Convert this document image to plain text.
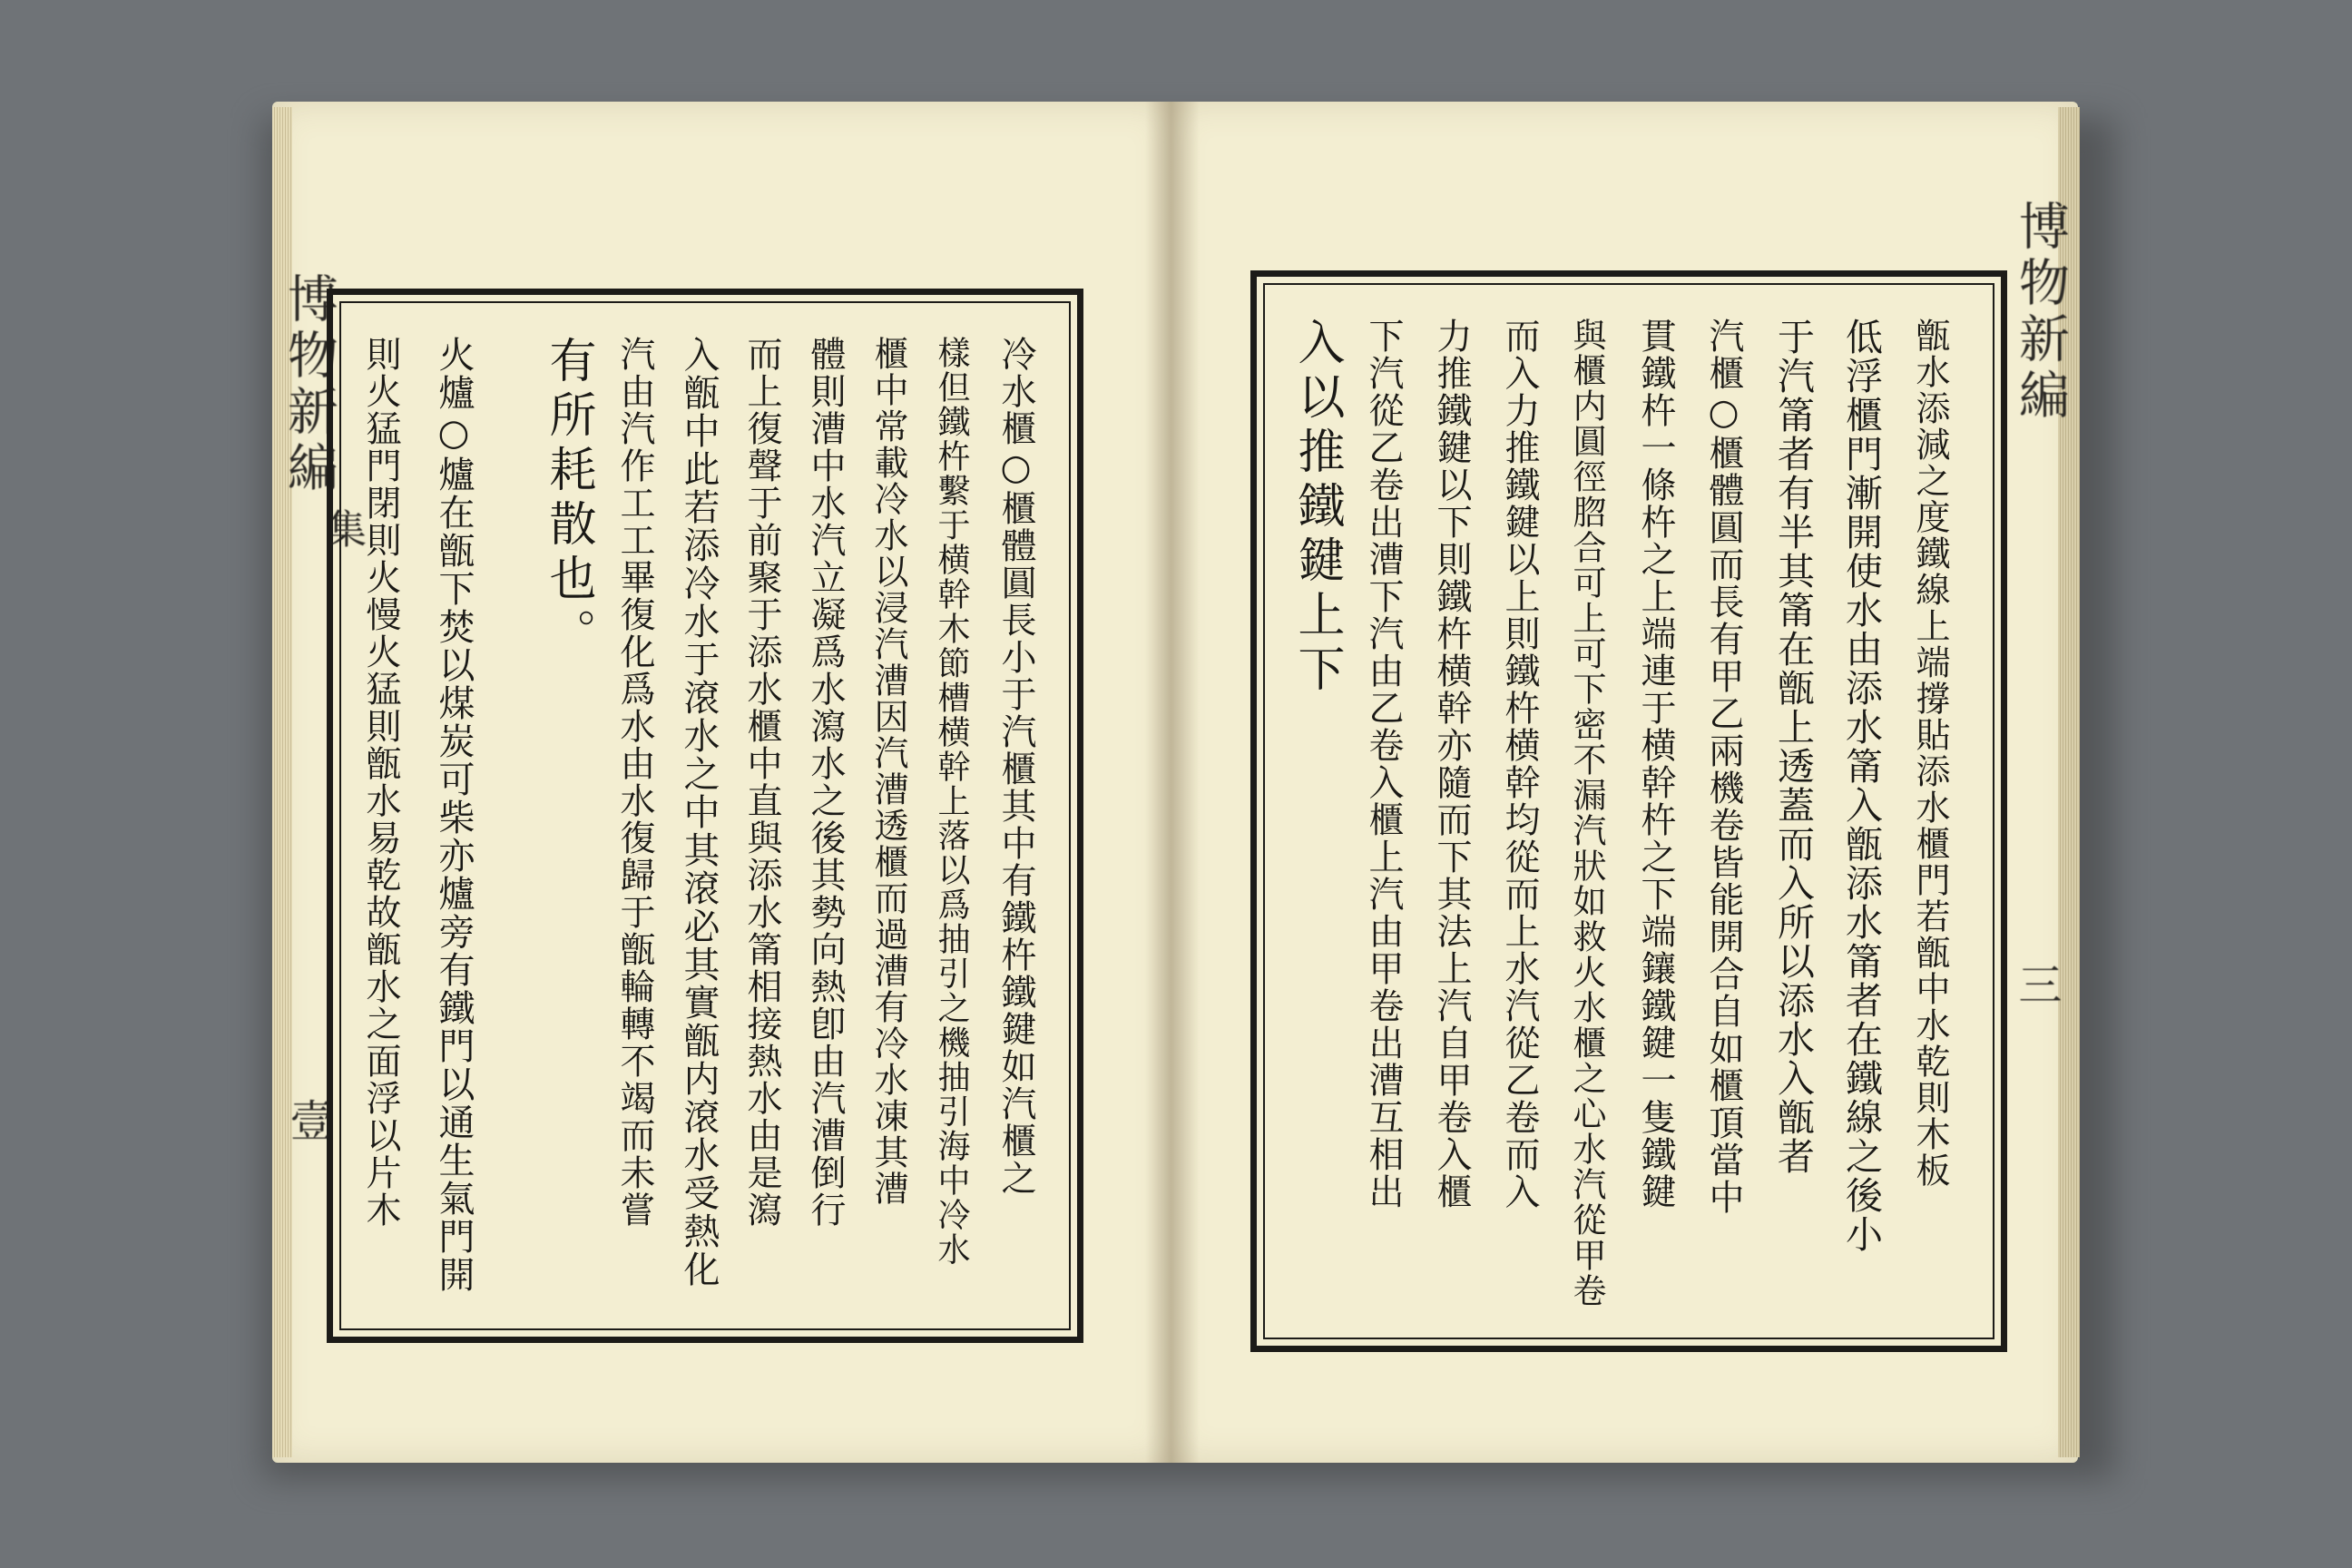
博物新編
集
壹
博物新編
三
冷水櫃○櫃體圓長小于汽櫃其中有鐵杵鐵鍵如汽櫃之
樣但鐵杵繫于横幹木節槽横幹上落以爲抽引之機抽引海中冷水
櫃中常載冷水以浸汽漕因汽漕透櫃而過漕有冷水凍其漕
體則漕中水汽立凝爲水瀉水之後其勢向熱卽由汽漕倒行
而上復聲于前聚于添水櫃中直與添水筩相接熱水由是瀉
入甑中此若添冷水于滾水之中其滾必其實甑内滾水受熱化
汽由汽作工工畢復化爲水由水復歸于甑輪轉不竭而未嘗
有所耗散也。
火爐○爐在甑下焚以煤炭可柴亦爐旁有鐵門以通生氣門開
則火猛門閉則火慢火猛則甑水易乾故甑水之面浮以片木	甑水添減之度鐵線上端撐貼添水櫃門若甑中水乾則木板
低浮櫃門漸開使水由添水筩入甑添水筩者在鐵線之後小
于汽筩者有半其筩在甑上透蓋而入所以添水入甑者
汽櫃○櫃體圓而長有甲乙兩機卷皆能開合自如櫃頂當中
貫鐵杵一條杵之上端連于横幹杵之下端鑲鐵鍵一隻鐵鍵
與櫃内圓徑脗合可上可下密不漏汽狀如救火水櫃之心水汽從甲卷
而入力推鐵鍵以上則鐵杵横幹均從而上水汽從乙卷而入
力推鐵鍵以下則鐵杵横幹亦隨而下其法上汽自甲卷入櫃
下汽從乙卷出漕下汽由乙卷入櫃上汽由甲卷出漕互相出
入以推鐵鍵上下
